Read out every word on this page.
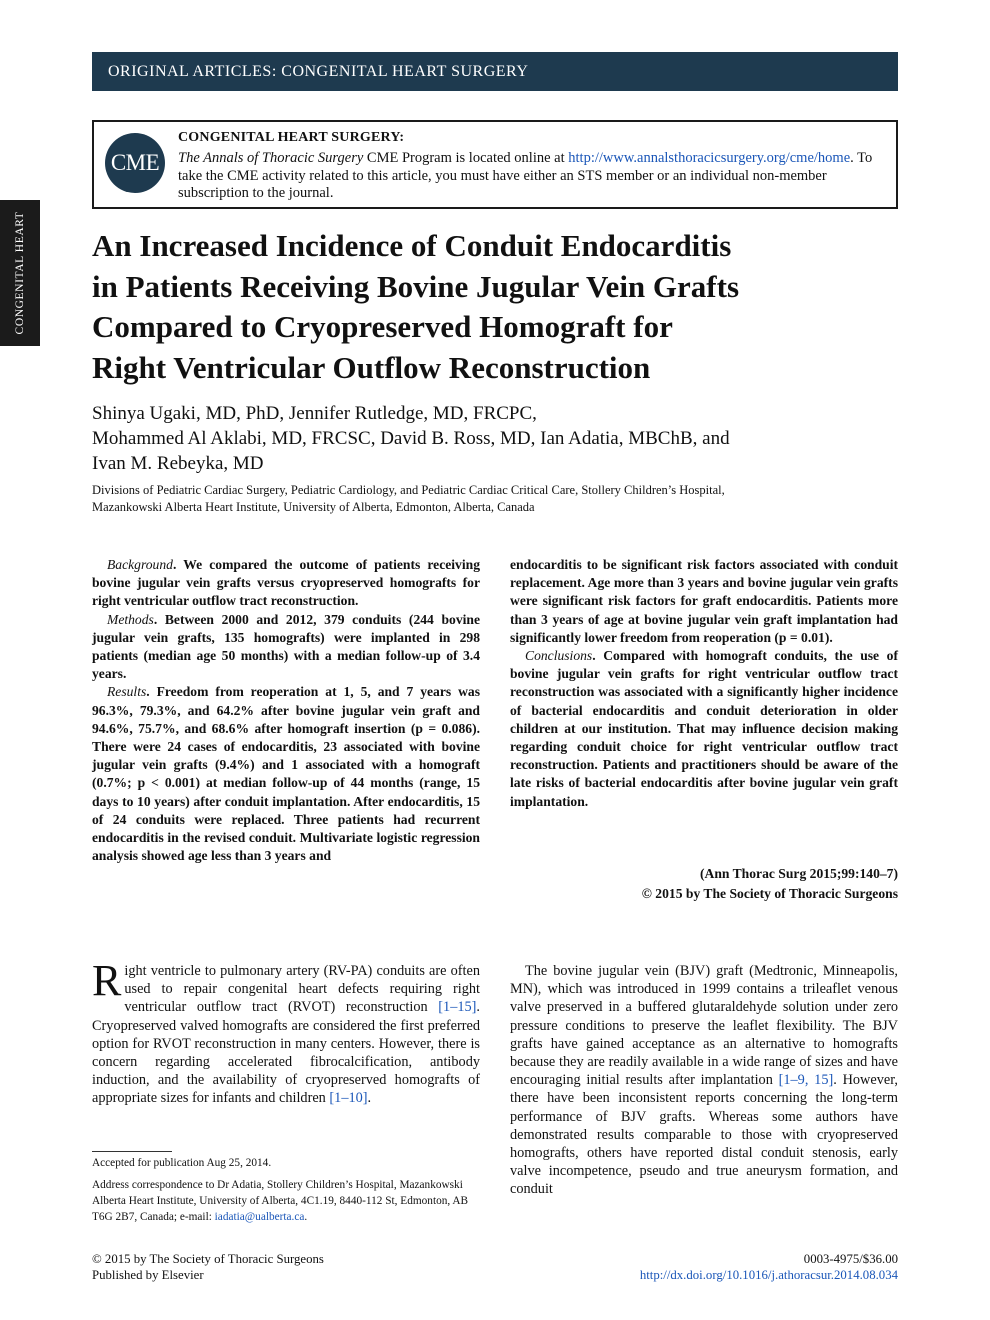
ORIGINAL ARTICLES: CONGENITAL HEART SURGERY
CONGENITAL HEART
CME
CONGENITAL HEART SURGERY:
The Annals of Thoracic Surgery CME Program is located online at http://www.annalsthoracicsurgery.org/cme/home. To take the CME activity related to this article, you must have either an STS member or an individual non-member subscription to the journal.
An Increased Incidence of Conduit Endocarditis
in Patients Receiving Bovine Jugular Vein Grafts
Compared to Cryopreserved Homograft for
Right Ventricular Outflow Reconstruction
Shinya Ugaki, MD, PhD, Jennifer Rutledge, MD, FRCPC,
Mohammed Al Aklabi, MD, FRCSC, David B. Ross, MD, Ian Adatia, MBChB, and
Ivan M. Rebeyka, MD
Divisions of Pediatric Cardiac Surgery, Pediatric Cardiology, and Pediatric Cardiac Critical Care, Stollery Children’s Hospital,
Mazankowski Alberta Heart Institute, University of Alberta, Edmonton, Alberta, Canada

Background. We compared the outcome of patients receiving bovine jugular vein grafts versus cryopreserved homografts for right ventricular outflow tract reconstruction.

Methods. Between 2000 and 2012, 379 conduits (244 bovine jugular vein grafts, 135 homografts) were implanted in 298 patients (median age 50 months) with a median follow-up of 3.4 years.

Results. Freedom from reoperation at 1, 5, and 7 years was 96.3%, 79.3%, and 64.2% after bovine jugular vein graft and 94.6%, 75.7%, and 68.6% after homograft insertion (p = 0.086). There were 24 cases of endocarditis, 23 associated with bovine jugular vein grafts (9.4%) and 1 associated with a homograft (0.7%; p < 0.001) at median follow-up of 44 months (range, 15 days to 10 years) after conduit implantation. After endocarditis, 15 of 24 conduits were replaced. Three patients had recurrent endocarditis in the revised conduit. Multivariate logistic regression analysis showed age less than 3 years and

endocarditis to be significant risk factors associated with conduit replacement. Age more than 3 years and bovine jugular vein grafts were significant risk factors for graft endocarditis. Patients more than 3 years of age at bovine jugular vein graft implantation had significantly lower freedom from reoperation (p = 0.01).

Conclusions. Compared with homograft conduits, the use of bovine jugular vein grafts for right ventricular outflow tract reconstruction was associated with a significantly higher incidence of bacterial endocarditis and conduit deterioration in older children at our institution. That may influence decision making regarding conduit choice for right ventricular outflow tract reconstruction. Patients and practitioners should be aware of the late risks of bacterial endocarditis after bovine jugular vein graft implantation.

(Ann Thorac Surg 2015;99:140–7)
© 2015 by The Society of Thoracic Surgeons

Right ventricle to pulmonary artery (RV-PA) conduits are often used to repair congenital heart defects requiring right ventricular outflow tract (RVOT) reconstruction [1–15]. Cryopreserved valved homografts are considered the first preferred option for RVOT reconstruction in many centers. However, there is concern regarding accelerated fibrocalcification, antibody induction, and the availability of cryopreserved homografts of appropriate sizes for infants and children [1–10].

The bovine jugular vein (BJV) graft (Medtronic, Minneapolis, MN), which was introduced in 1999 contains a trileaflet venous valve preserved in a buffered glutaraldehyde solution under zero pressure conditions to preserve the leaflet flexibility. The BJV grafts have gained acceptance as an alternative to homografts because they are readily available in a wide range of sizes and have encouraging initial results after implantation [1–9, 15]. However, there have been inconsistent reports concerning the long-term performance of BJV grafts. Whereas some authors have demonstrated results comparable to those with cryopreserved homografts, others have reported distal conduit stenosis, early valve incompetence, pseudo and true aneurysm formation, and conduit

Accepted for publication Aug 25, 2014.
Address correspondence to Dr Adatia, Stollery Children’s Hospital, Mazankowski Alberta Heart Institute, University of Alberta, 4C1.19, 8440-112 St, Edmonton, AB T6G 2B7, Canada; e-mail: iadatia@ualberta.ca.
© 2015 by The Society of Thoracic Surgeons
Published by Elsevier
0003-4975/$36.00
http://dx.doi.org/10.1016/j.athoracsur.2014.08.034
